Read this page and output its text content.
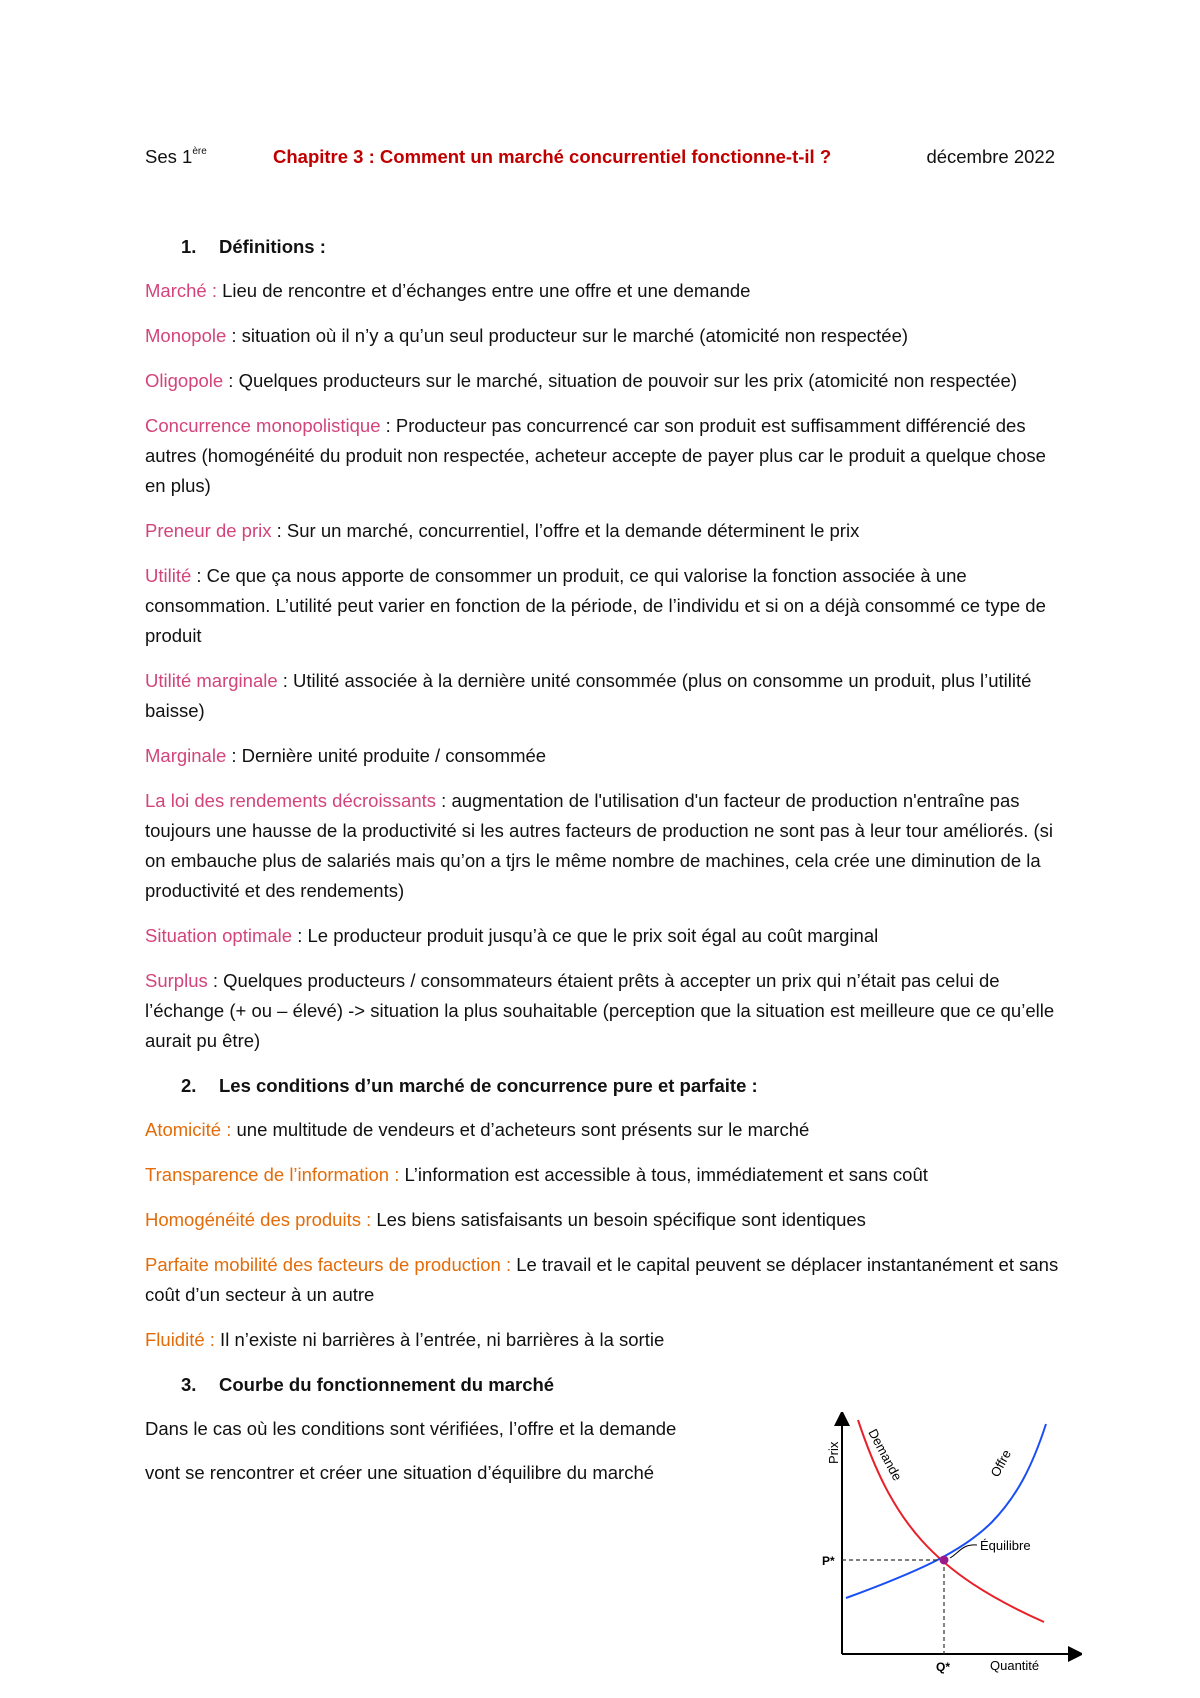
Ses 1ère	Chapitre 3 : Comment un marché concurrentiel fonctionne-t-il ?	décembre 2022
1. Définitions :
Marché : Lieu de rencontre et d’échanges entre une offre et une demande
Monopole : situation où il n’y a qu’un seul producteur sur le marché (atomicité non respectée)
Oligopole : Quelques producteurs sur le marché, situation de pouvoir sur les prix (atomicité non respectée)
Concurrence monopolistique : Producteur pas concurrencé car son produit est suffisamment différencié des autres (homogénéité du produit non respectée, acheteur accepte de payer plus car le produit a quelque chose en plus)
Preneur de prix : Sur un marché, concurrentiel, l’offre et la demande déterminent le prix
Utilité : Ce que ça nous apporte de consommer un produit, ce qui valorise la fonction associée à une consommation. L’utilité peut varier en fonction de la période, de l’individu et si on a déjà consommé ce type de produit
Utilité marginale : Utilité associée à la dernière unité consommée (plus on consomme un produit, plus l’utilité baisse)
Marginale : Dernière unité produite / consommée
La loi des rendements décroissants : augmentation de l'utilisation d'un facteur de production n'entraîne pas toujours une hausse de la productivité si les autres facteurs de production ne sont pas à leur tour améliorés. (si on embauche plus de salariés mais qu’on a tjrs le même nombre de machines, cela crée une diminution de la productivité et des rendements)
Situation optimale : Le producteur produit jusqu’à ce que le prix soit égal au coût marginal
Surplus : Quelques producteurs / consommateurs étaient prêts à accepter un prix qui n’était pas celui de l’échange (+ ou – élevé) -> situation la plus souhaitable (perception que la situation est meilleure que ce qu’elle aurait pu être)
2. Les conditions d’un marché de concurrence pure et parfaite :
Atomicité : une multitude de vendeurs et d’acheteurs sont présents sur le marché
Transparence de l’information : L’information est accessible à tous, immédiatement et sans coût
Homogénéité des produits : Les biens satisfaisants un besoin spécifique sont identiques
Parfaite mobilité des facteurs de production : Le travail et le capital peuvent se déplacer instantanément et sans coût d’un secteur à un autre
Fluidité : Il n’existe ni barrières à l’entrée, ni barrières à la sortie
3. Courbe du fonctionnement du marché
Dans le cas où les conditions sont vérifiées, l’offre et la demande
vont se rencontrer et créer une situation d’équilibre du marché
Prix
Quantité
Demande	Offre
Équilibre
P*
Q*
